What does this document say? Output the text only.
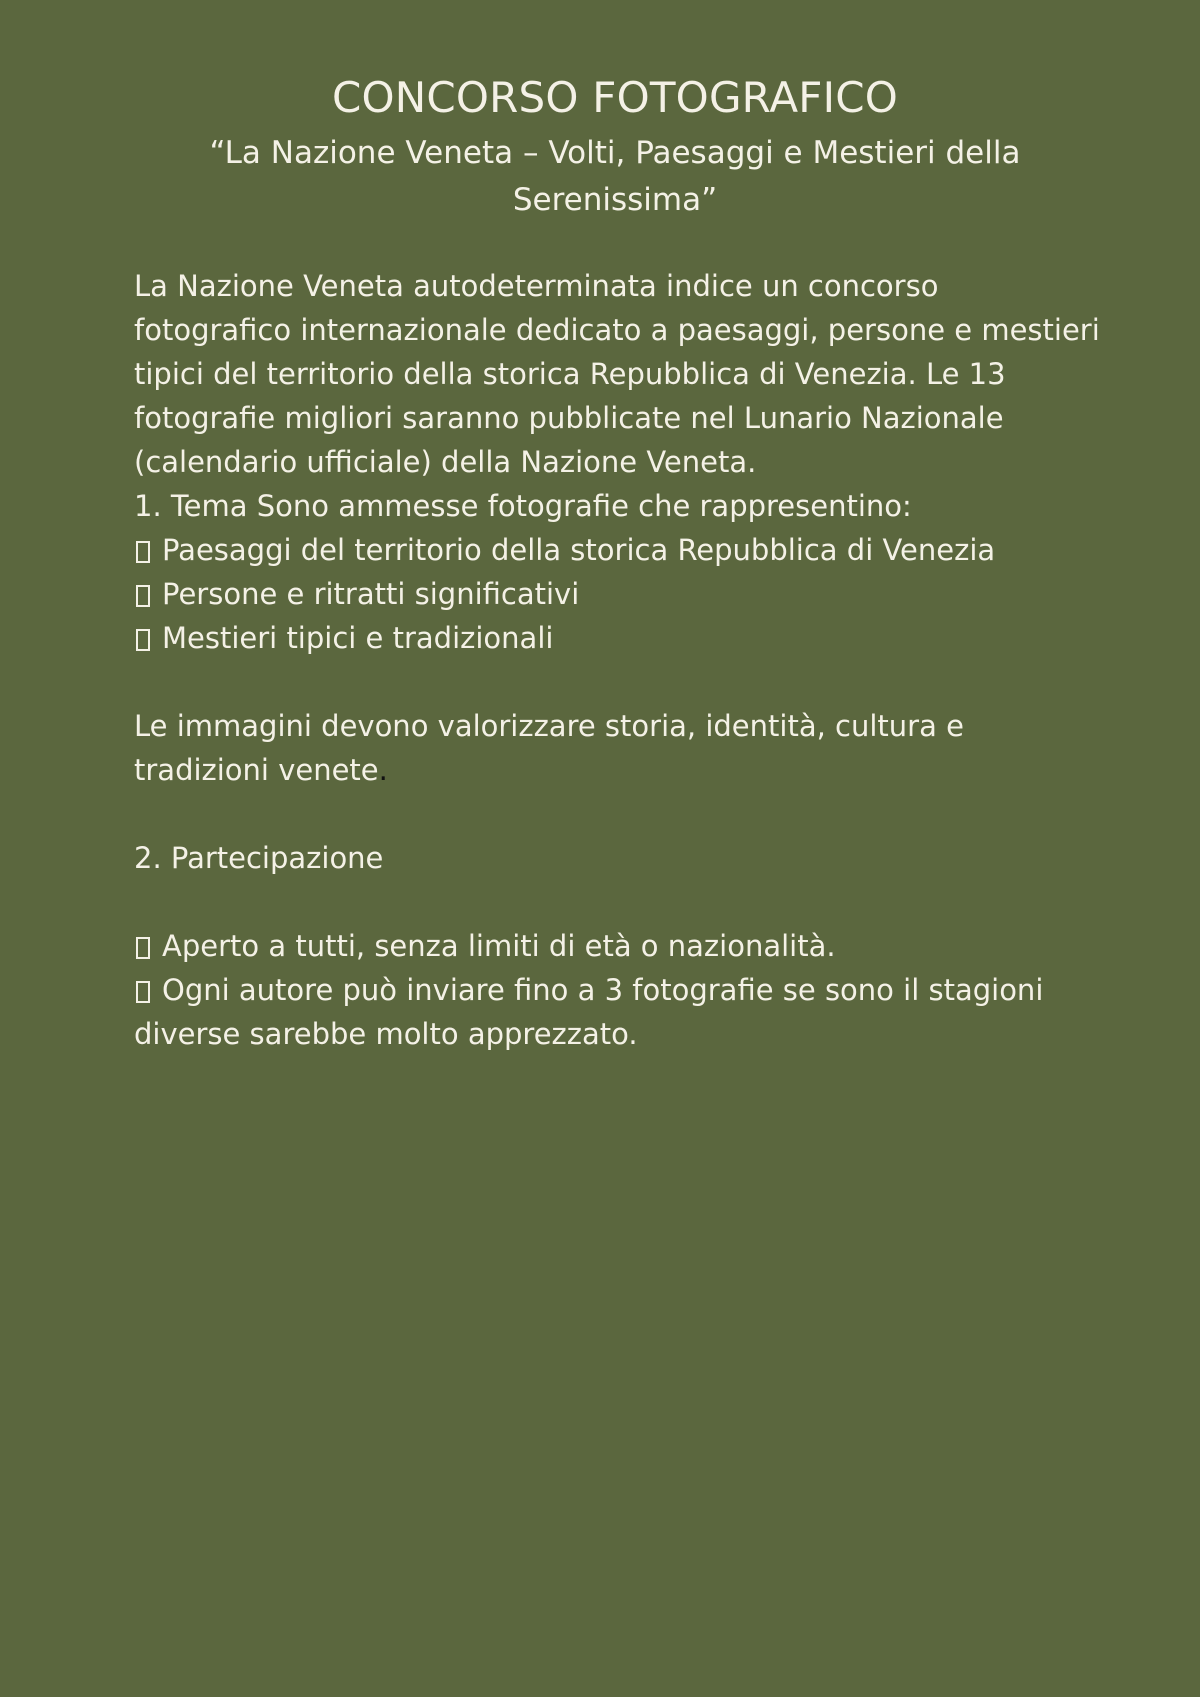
CONCORSO FOTOGRAFICO
“La Nazione Veneta – Volti, Paesaggi e Mestieri della
Serenissima”
La Nazione Veneta autodeterminata indice un concorso
fotografico internazionale dedicato a paesaggi, persone e mestieri
tipici del territorio della storica Repubblica di Venezia. Le 13
fotografie migliori saranno pubblicate nel Lunario Nazionale
(calendario ufficiale) della Nazione Veneta.
1. Tema Sono ammesse fotografie che rappresentino:
Paesaggi del territorio della storica Repubblica di Venezia
Persone e ritratti significativi
Mestieri tipici e tradizionali
Le immagini devono valorizzare storia, identità, cultura e
tradizioni venete.
2. Partecipazione
Aperto a tutti, senza limiti di età o nazionalità.
Ogni autore può inviare fino a 3 fotografie se sono il stagioni
diverse sarebbe molto apprezzato.
